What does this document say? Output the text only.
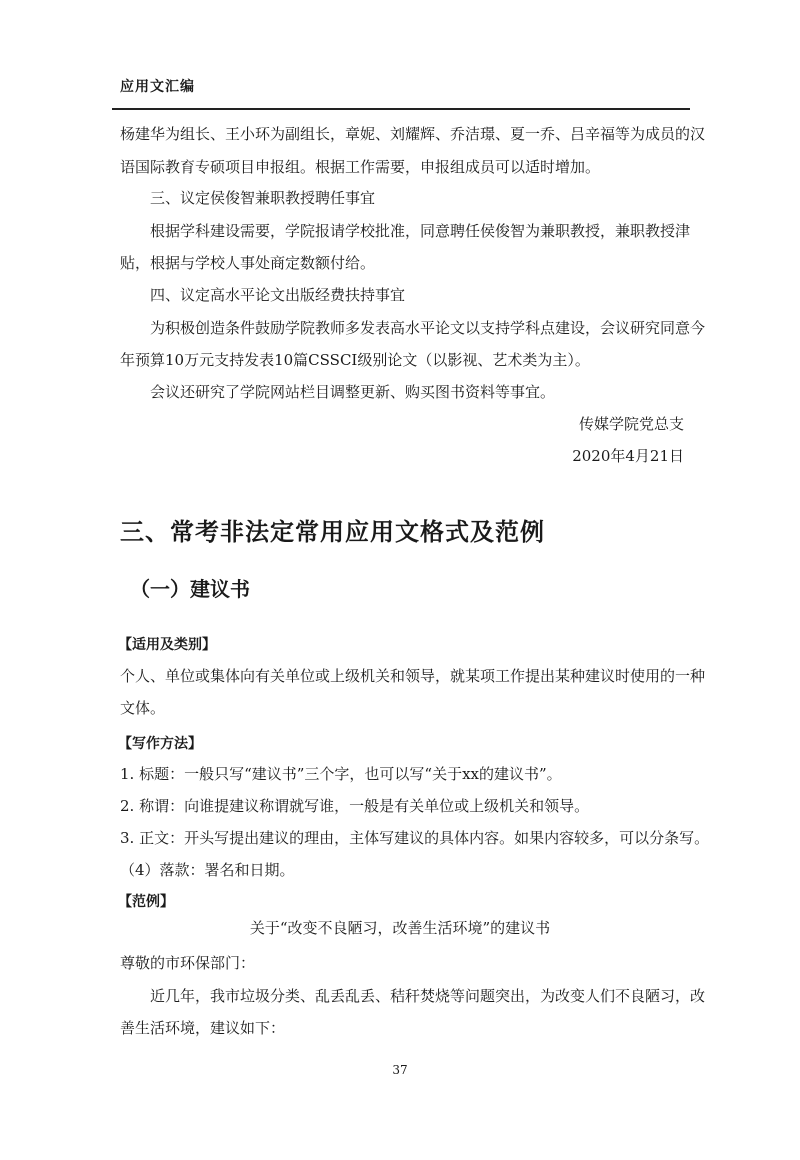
应用文汇编
杨建华为组长、王小环为副组长，章妮、刘耀辉、乔洁璟、夏一乔、吕辛福等为成员的汉
语国际教育专硕项目申报组。根据工作需要，申报组成员可以适时增加。
三、议定侯俊智兼职教授聘任事宜
根据学科建设需要，学院报请学校批准，同意聘任侯俊智为兼职教授，兼职教授津
贴，根据与学校人事处商定数额付给。
四、议定高水平论文出版经费扶持事宜
为积极创造条件鼓励学院教师多发表高水平论文以支持学科点建设，会议研究同意今
年预算10万元支持发表10篇CSSCI级别论文（以影视、艺术类为主）。
会议还研究了学院网站栏目调整更新、购买图书资料等事宜。
传媒学院党总支
2020年4月21日
三、常考非法定常用应用文格式及范例
（一）建议书
【适用及类别】
个人、单位或集体向有关单位或上级机关和领导，就某项工作提出某种建议时使用的一种
文体。
【写作方法】
1. 标题：一般只写“建议书”三个字，也可以写“关于xx的建议书”。
2. 称谓：向谁提建议称谓就写谁，一般是有关单位或上级机关和领导。
3. 正文：开头写提出建议的理由，主体写建议的具体内容。如果内容较多，可以分条写。
（4）落款：署名和日期。
【范例】
关于“改变不良陋习，改善生活环境”的建议书
尊敬的市环保部门：
近几年，我市垃圾分类、乱丢乱丢、秸秆焚烧等问题突出，为改变人们不良陋习，改
善生活环境，建议如下：
37
